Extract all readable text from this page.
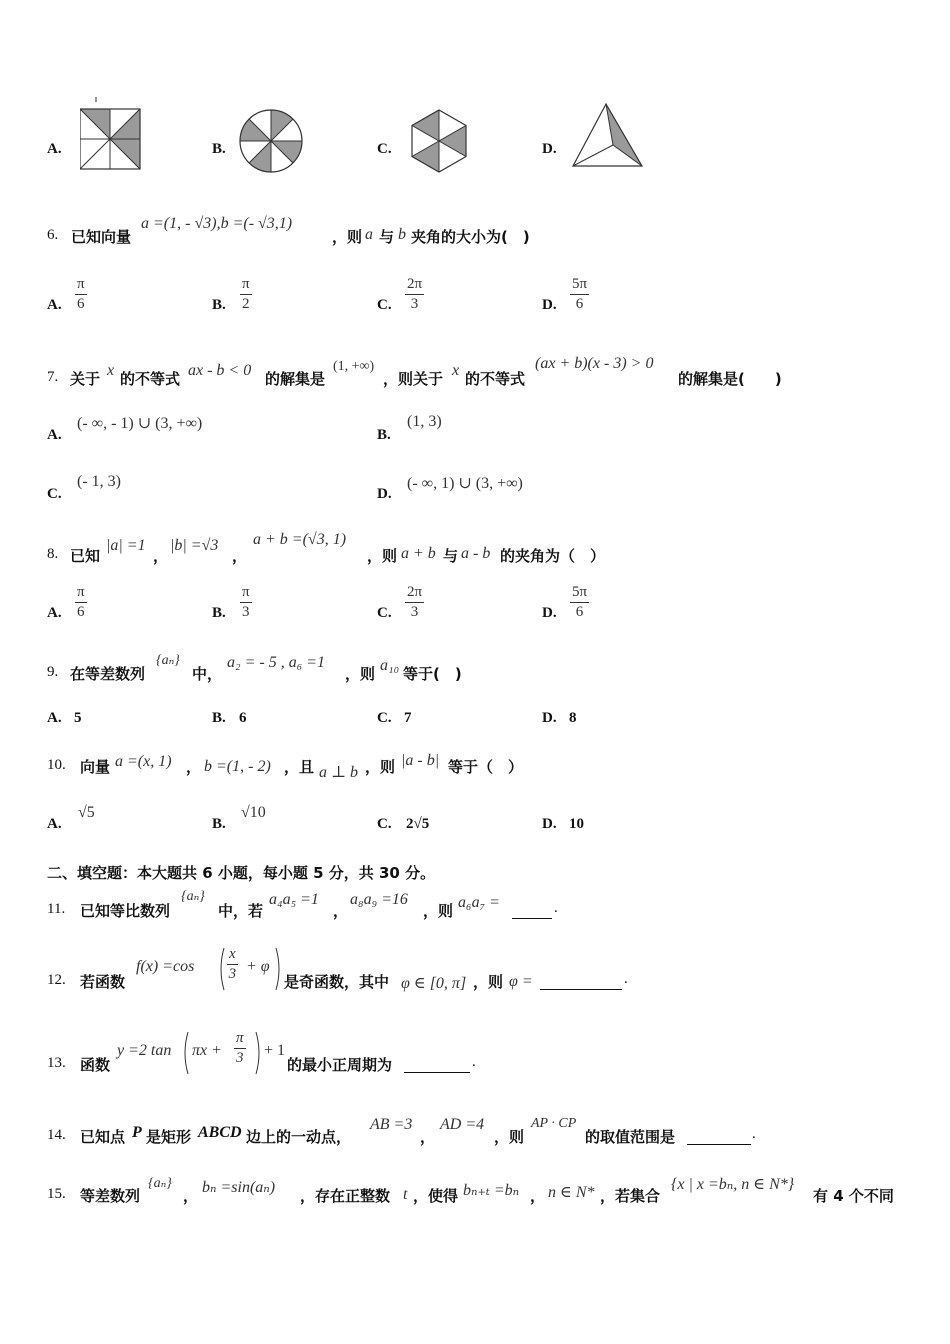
A.	B.	C.	D.
6. 已知向量
a =(1, - √3),b =(- √3,1)
，则 a 与 b 夹角的大小为(　)
A.
π
6	B.
π
2	C.
2π
3	D.
5π
6
7. 关于 x 的不等式 ax - b < 0 的解集是
(1, +∞)
，则关于 x 的不等式
(ax + b)(x - 3) > 0
的解集是(　　)
A.
(- ∞, - 1) ∪ (3, +∞)
B.
(1, 3)
C.
(- 1, 3)
D.
(- ∞, 1) ∪ (3, +∞)
8. 已知
|a| =1
，
|b| =√3
，
a + b =(√3, 1)
，则 a + b 与 a - b 的夹角为（　）
A.
π
6	B.
π
3	C.
2π
3	D.
5π
6
9. 在等差数列
{aₙ}
中，
a₂ = - 5 , a₆ =1
，则 a₁₀ 等于(　)
A. 5	B. 6	C. 7	D. 8
10. 向量 a =(x, 1) ， b =(1, - 2) ，且 a ⊥ b ，则 |a - b| 等于（　）
A.
√5
B.
√10
C. 2√5	D. 10
二、填空题：本大题共 6 小题，每小题 5 分，共 30 分。
11. 已知等比数列
{aₙ}
中，若
a₄a₅ =1
，
a₈a₉ =16
，则 a₆a₇ =	.
12. 若函数
f(x) =cos
x
3 + φ
是奇函数，其中 φ ∈ [0, π] ，则 φ =	.
13. 函数
y =2 tan πx +
π
3 + 1
的最小正周期为	.
14. 已知点 P 是矩形 ABCD 边上的一动点，
AB =3
，
AD =4
，则
AP · CP
的取值范围是	.
15. 等差数列
{aₙ}
， bₙ =sin(aₙ) ，存在正整数 t ，使得 bₙ₊ₜ =bₙ ， n ∈ N* ，若集合
{x | x =bₙ, n ∈ N*}
有 4 个不同
